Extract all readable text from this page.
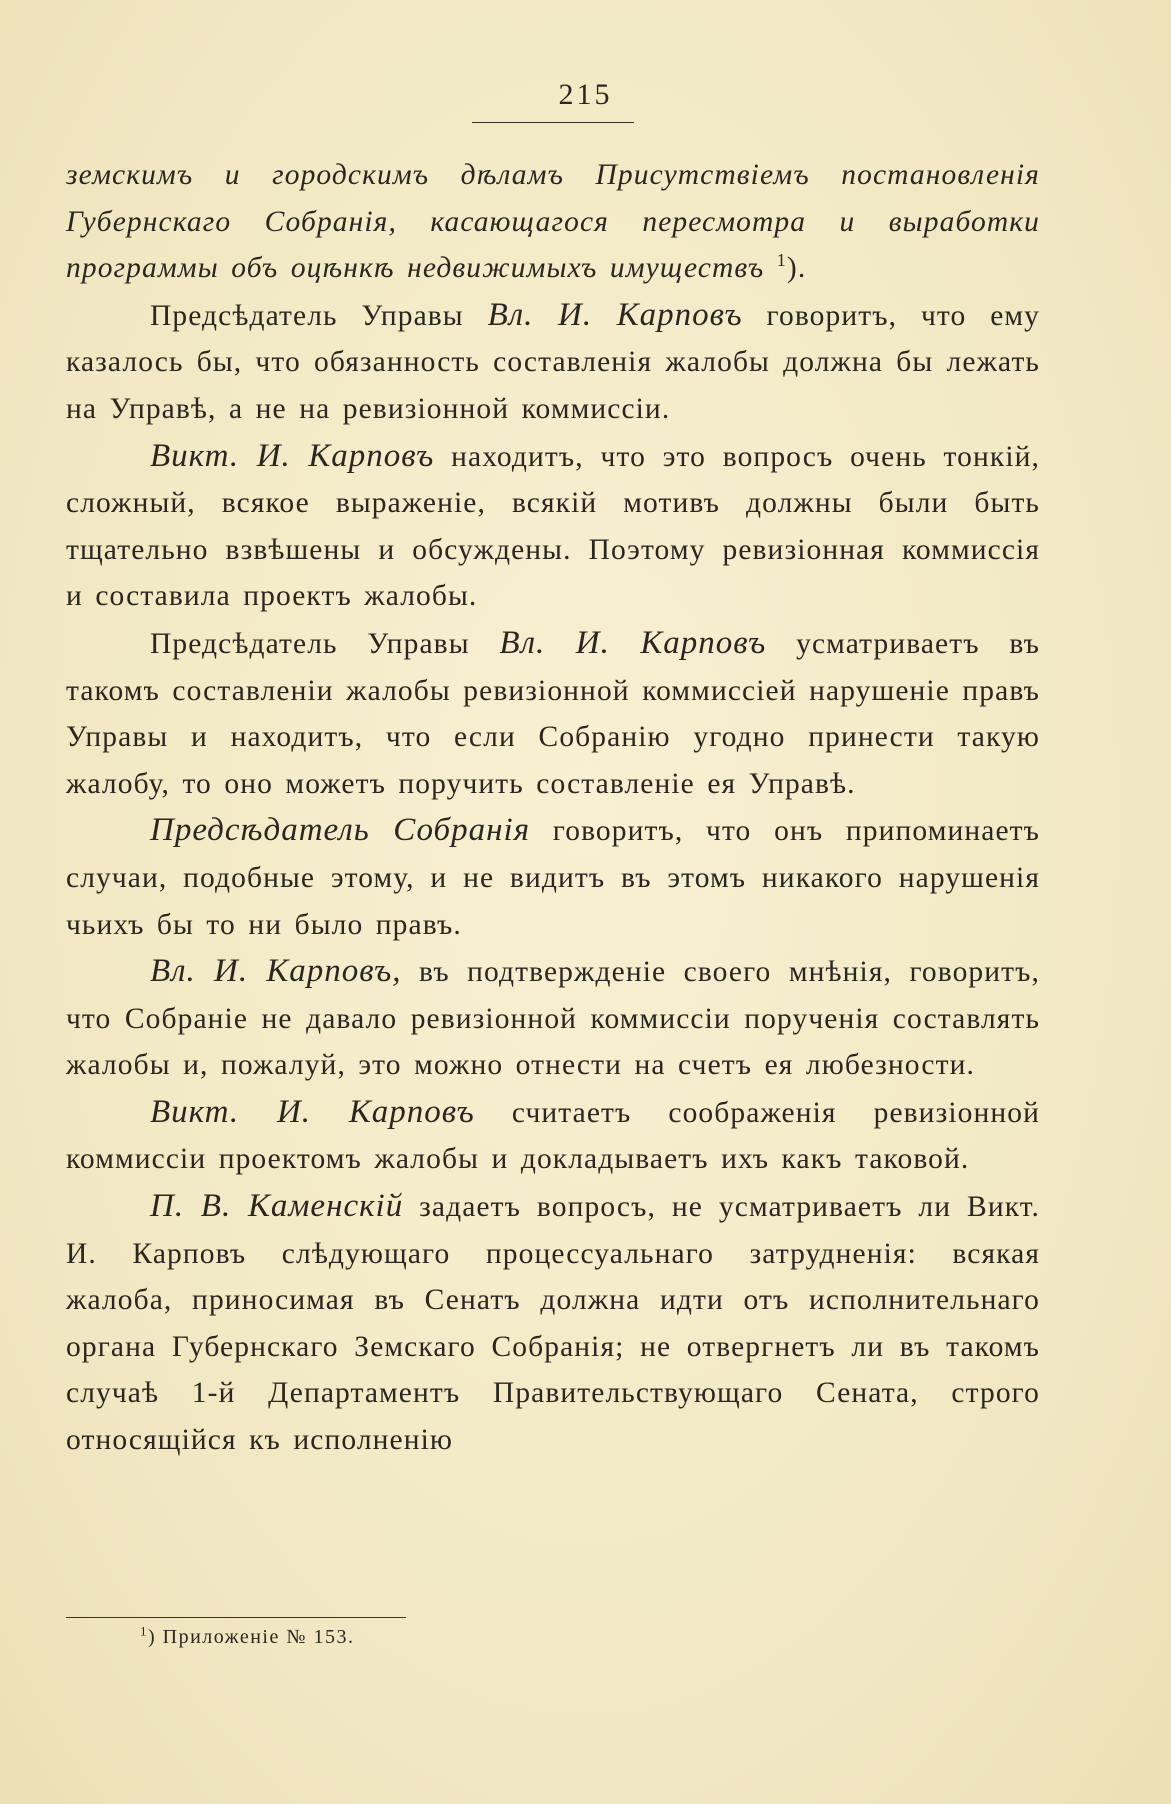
215

земскимъ и городскимъ дѣламъ Присутствіемъ постановленія Губернскаго Собранія, касающагося пересмотра и выработки программы объ оцѣнкѣ недвижимыхъ имуществъ $^1$).

Предсѣдатель Управы Вл. И. Карповъ говоритъ, что ему казалось бы, что обязанность составленія жалобы должна бы лежать на Управѣ, а не на ревизіонной коммиссіи.

Викт. И. Карповъ находитъ, что это вопросъ очень тонкій, сложный, всякое выраженіе, всякій мотивъ должны были быть тщательно взвѣшены и обсуждены. Поэтому ревизіонная коммиссія и составила проектъ жалобы.

Предсѣдатель Управы Вл. И. Карповъ усматриваетъ въ такомъ составленіи жалобы ревизіонной коммиссіей нарушеніе правъ Управы и находитъ, что если Собранію угодно принести такую жалобу, то оно можетъ поручить составленіе ея Управѣ.

Предсѣдатель Собранія говоритъ, что онъ припоминаетъ случаи, подобные этому, и не видитъ въ этомъ никакого нарушенія чьихъ бы то ни было правъ.

Вл. И. Карповъ, въ подтвержденіе своего мнѣнія, говоритъ, что Собраніе не давало ревизіонной коммиссіи порученія составлять жалобы и, пожалуй, это можно отнести на счетъ ея любезности.

Викт. И. Карповъ считаетъ соображенія ревизіонной коммиссіи проектомъ жалобы и докладываетъ ихъ какъ таковой.

П. В. Каменскій задаетъ вопросъ, не усматриваетъ ли Викт. И. Карповъ слѣдующаго процессуальнаго затрудненія: всякая жалоба, приносимая въ Сенатъ должна идти отъ исполнительнаго органа Губернскаго Земскаго Собранія; не отвергнетъ ли въ такомъ случаѣ 1-й Департаментъ Правительствующаго Сената, строго относящійся къ исполненію

$^1$) Приложеніе № 153.
